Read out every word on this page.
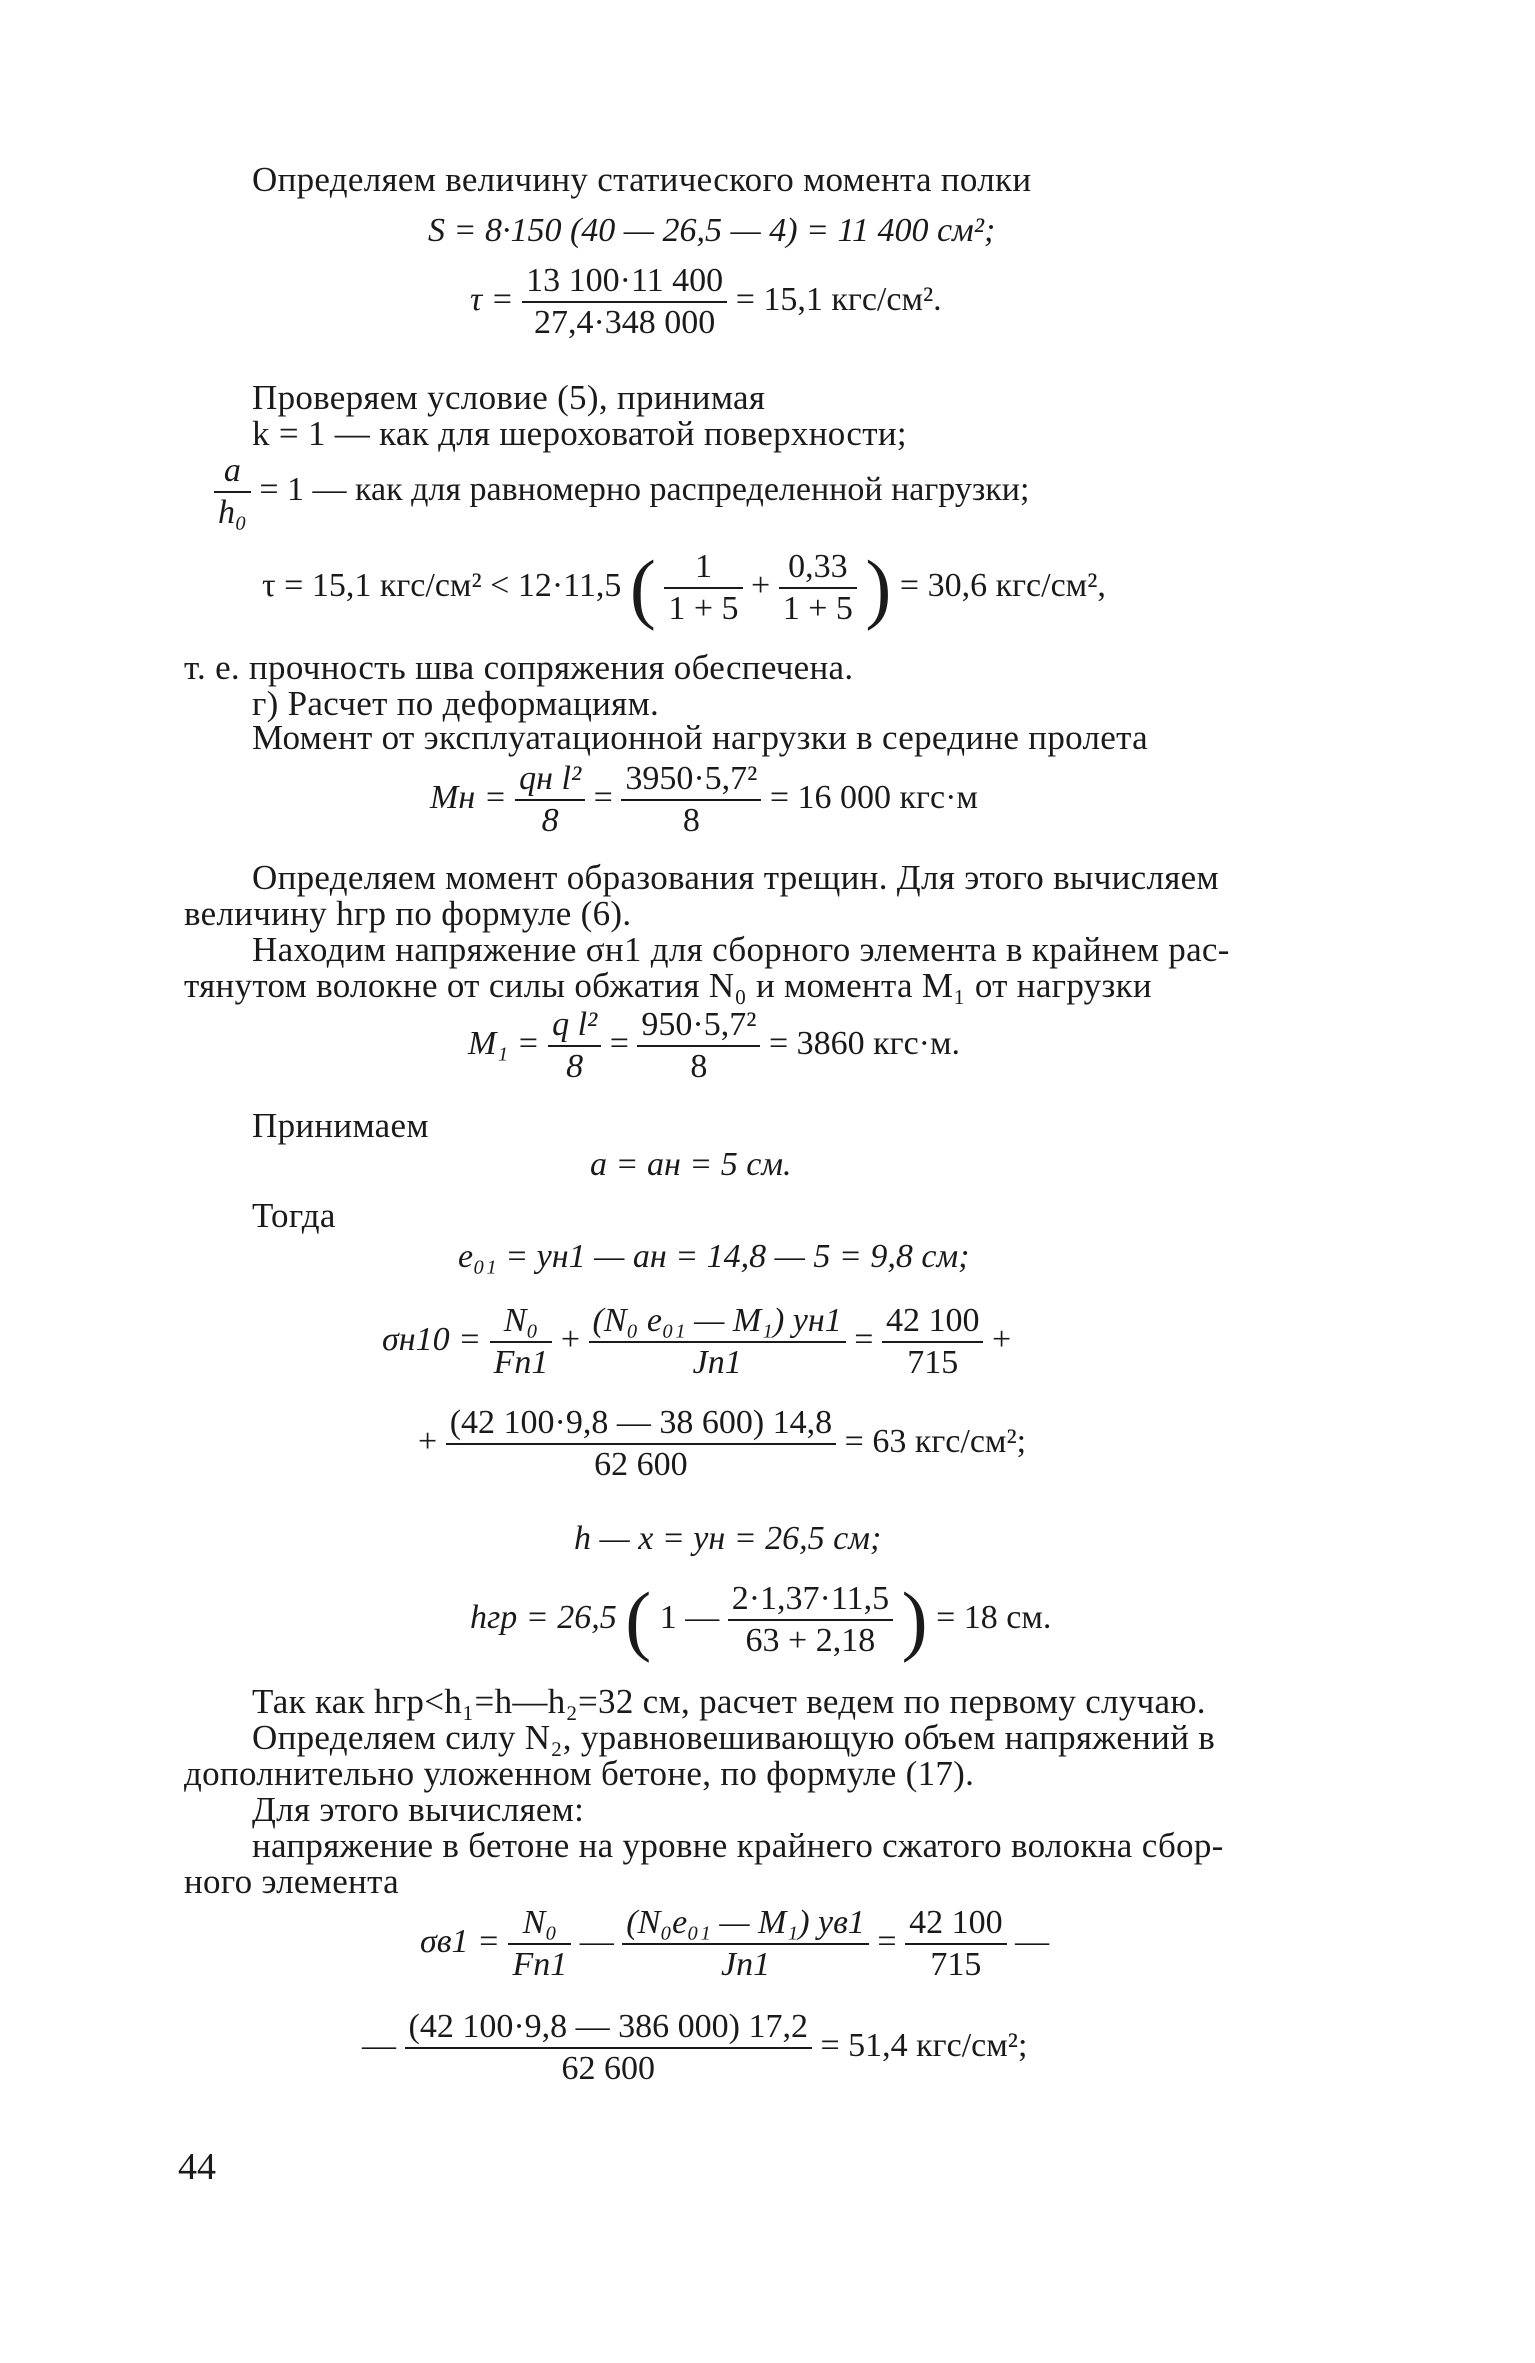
Определяем величину статического момента полки
S = 8·150 (40 — 26,5 — 4) = 11 400 см²;
$\tau = \frac{13 100\cdot 11 400}{27,4\cdot 348 000} = 15,1$ кгс/см².
Проверяем условие (5), принимая
k = 1 — как для шероховатой поверхности;
$\frac{a}{\text{h₀}} = 1$ — как для равномерно распределенной нагрузки;
τ = 15,1 кгс/см² < 12·11,5 ( $\frac{1}{1 + 5} + \frac{0,33}{1 + 5}$ ) = 30,6 кгс/см²,
т. е. прочность шва сопряжения обеспечена.
г) Расчет по деформациям.
Момент от эксплуатационной нагрузки в середине пролета
Mн = $\frac{\text{qн l²}}{8} = \frac{\text{3950·5,7²}}{8} = 16$ 000 кгс·м
Определяем момент образования трещин. Для этого вычисляем
величину hгр по формуле (6).
Находим напряжение σн1 для сборного элемента в крайнем рас-
тянутом волокне от силы обжатия N₀ и момента M₁ от нагрузки
$M_1 = \frac{\text{q l²}}{8} = \frac{\text{950·5,7²}}{8} = 3860$ кгс·м.
Принимаем
a = aн = 5 см.
Тогда
e₀₁ = yн1 — aн = 14,8 — 5 = 9,8 см;
$\sigma н10 = \frac{\text{N₀}}{Fп1} + \frac{\text{(N₀ e₀₁ — M₁) yн1}}{Jп1} = \frac{42 100}{715}$ +
+ $\frac{(42 100\cdot 9,8 — 38 600) 14,8}{62 600} = 63$ кгс/см²;
h — x = yн = 26,5 см;
hгр = 26,5 ( 1 — $\frac{2\cdot 1,37\cdot 11,5}{63 + 2,18}$ ) = 18 см.
Так как hгр<h₁=h—h₂=32 см, расчет ведем по первому случаю.
Определяем силу N₂, уравновешивающую объем напряжений в
дополнительно уложенном бетоне, по формуле (17).
Для этого вычисляем:
напряжение в бетоне на уровне крайнего сжатого волокна сбор-
ного элемента
$\sigma в1 = \frac{\text{N₀}}{Fп1}$ — $\frac{\text{(N₀e₀₁ — M₁) yв1}}{Jп1} = \frac{42 100}{715}$ —
— $\frac{(42 100\cdot 9,8 — 386 000) 17,2}{62 600} = 51,4$ кгс/см²;
44
